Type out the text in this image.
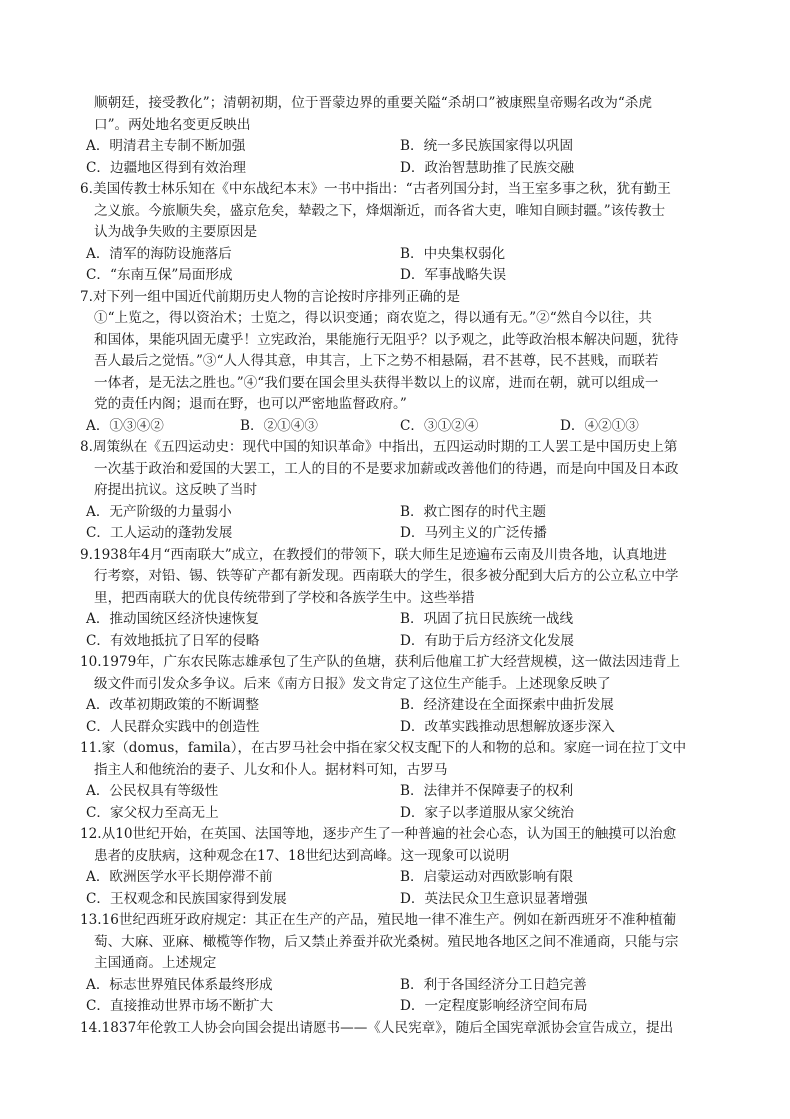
顺朝廷，接受教化”；清朝初期，位于晋蒙边界的重要关隘“杀胡口”被康熙皇帝赐名改为“杀虎
口”。两处地名变更反映出
A．明清君主专制不断加强	B．统一多民族国家得以巩固
C．边疆地区得到有效治理	D．政治智慧助推了民族交融
6.美国传教士林乐知在《中东战纪本末》一书中指出：“古者列国分封，当王室多事之秋，犹有勤王
之义旅。今旅顺失矣，盛京危矣，辇毂之下，烽烟渐近，而各省大吏，唯知自顾封疆。”该传教士
认为战争失败的主要原因是
A．清军的海防设施落后	B．中央集权弱化
C．“东南互保”局面形成	D．军事战略失误
7.对下列一组中国近代前期历史人物的言论按时序排列正确的是
①“上览之，得以资治术；士览之，得以识变通；商农览之，得以通有无。”②“然自今以往，共
和国体，果能巩固无虞乎！立宪政治，果能施行无阻乎？以予观之，此等政治根本解决问题，犹待
吾人最后之觉悟。”③“人人得其意，申其言，上下之势不相悬隔，君不甚尊，民不甚贱，而联若
一体者，是无法之胜也。”④“我们要在国会里头获得半数以上的议席，进而在朝，就可以组成一
党的责任内阁；退而在野，也可以严密地监督政府。”
A．①③④②	B．②①④③	C．③①②④	D．④②①③
8.周策纵在《五四运动史：现代中国的知识革命》中指出，五四运动时期的工人罢工是中国历史上第
一次基于政治和爱国的大罢工，工人的目的不是要求加薪或改善他们的待遇，而是向中国及日本政
府提出抗议。这反映了当时
A．无产阶级的力量弱小	B．救亡图存的时代主题
C．工人运动的蓬勃发展	D．马列主义的广泛传播
9.1938年4月“西南联大”成立，在教授们的带领下，联大师生足迹遍布云南及川贵各地，认真地进
行考察，对铅、锡、铁等矿产都有新发现。西南联大的学生，很多被分配到大后方的公立私立中学
里，把西南联大的优良传统带到了学校和各族学生中。这些举措
A．推动国统区经济快速恢复	B．巩固了抗日民族统一战线
C．有效地抵抗了日军的侵略	D．有助于后方经济文化发展
10.1979年，广东农民陈志雄承包了生产队的鱼塘，获利后他雇工扩大经营规模，这一做法因违背上
级文件而引发众多争议。后来《南方日报》发文肯定了这位生产能手。上述现象反映了
A．改革初期政策的不断调整	B．经济建设在全面探索中曲折发展
C．人民群众实践中的创造性	D．改革实践推动思想解放逐步深入
11.家（domus，famila），在古罗马社会中指在家父权支配下的人和物的总和。家庭一词在拉丁文中
指主人和他统治的妻子、儿女和仆人。据材料可知，古罗马
A．公民权具有等级性	B．法律并不保障妻子的权利
C．家父权力至高无上	D．家子以孝道服从家父统治
12.从10世纪开始，在英国、法国等地，逐步产生了一种普遍的社会心态，认为国王的触摸可以治愈
患者的皮肤病，这种观念在17、18世纪达到高峰。这一现象可以说明
A．欧洲医学水平长期停滞不前	B．启蒙运动对西欧影响有限
C．王权观念和民族国家得到发展	D．英法民众卫生意识显著增强
13.16世纪西班牙政府规定：其正在生产的产品，殖民地一律不准生产。例如在新西班牙不准种植葡
萄、大麻、亚麻、橄榄等作物，后又禁止养蚕并砍光桑树。殖民地各地区之间不准通商，只能与宗
主国通商。上述规定
A．标志世界殖民体系最终形成	B．利于各国经济分工日趋完善
C．直接推动世界市场不断扩大	D．一定程度影响经济空间布局
14.1837年伦敦工人协会向国会提出请愿书——《人民宪章》，随后全国宪章派协会宣告成立，提出
